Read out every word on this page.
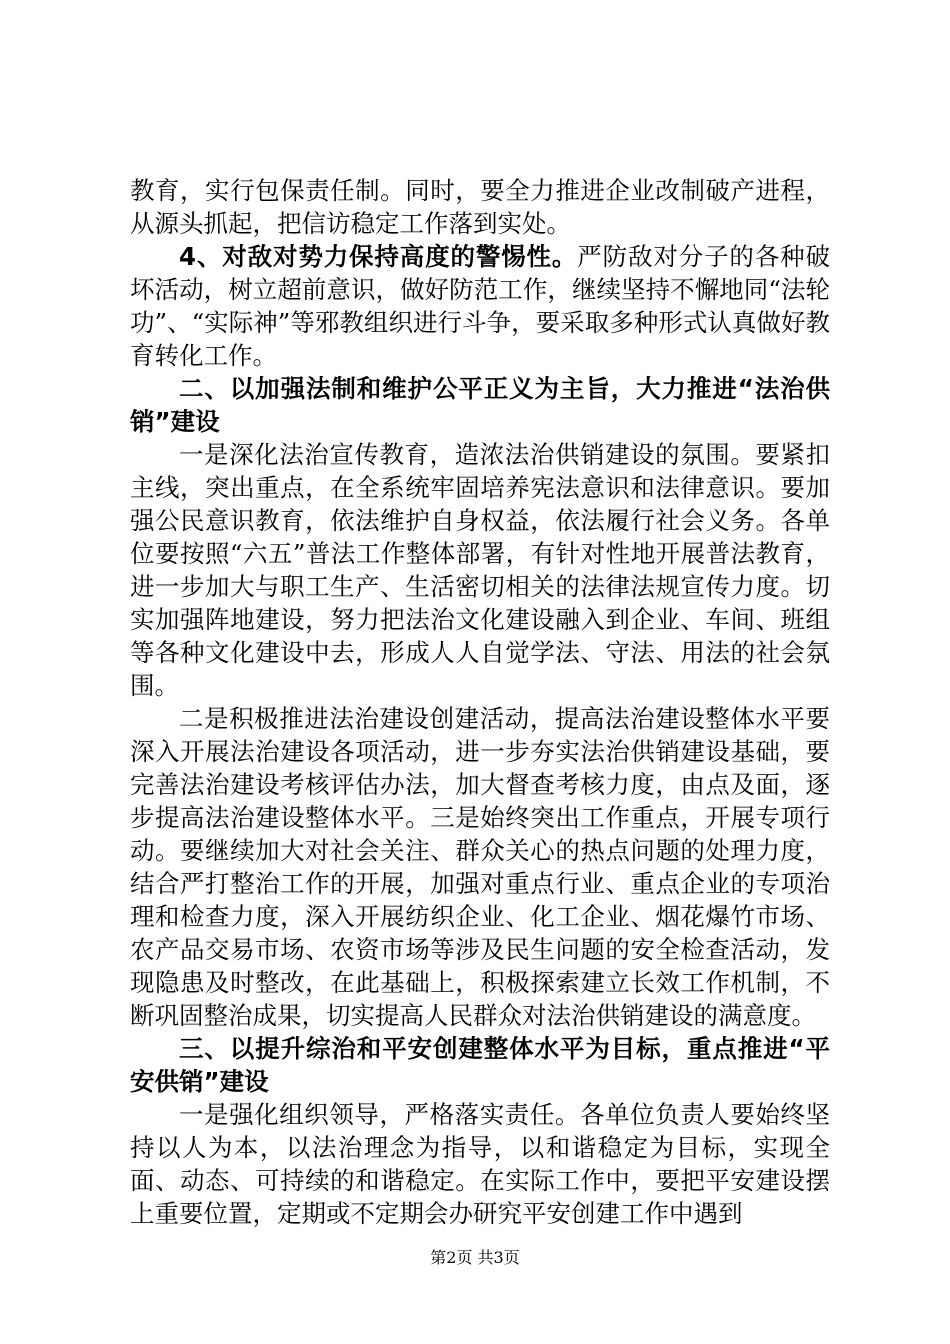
教育，实行包保责任制。同时，要全力推进企业改制破产进程，从源头抓起，把信访稳定工作落到实处。

4、对敌对势力保持高度的警惕性。严防敌对分子的各种破坏活动，树立超前意识，做好防范工作，继续坚持不懈地同“法轮功”、“实际神”等邪教组织进行斗争，要采取多种形式认真做好教育转化工作。

二、以加强法制和维护公平正义为主旨，大力推进“法治供销”建设

一是深化法治宣传教育，造浓法治供销建设的氛围。要紧扣主线，突出重点，在全系统牢固培养宪法意识和法律意识。要加强公民意识教育，依法维护自身权益，依法履行社会义务。各单位要按照“六五”普法工作整体部署，有针对性地开展普法教育，进一步加大与职工生产、生活密切相关的法律法规宣传力度。切实加强阵地建设，努力把法治文化建设融入到企业、车间、班组等各种文化建设中去，形成人人自觉学法、守法、用法的社会氛围。

二是积极推进法治建设创建活动，提高法治建设整体水平要深入开展法治建设各项活动，进一步夯实法治供销建设基础，要完善法治建设考核评估办法，加大督查考核力度，由点及面，逐步提高法治建设整体水平。三是始终突出工作重点，开展专项行动。要继续加大对社会关注、群众关心的热点问题的处理力度，结合严打整治工作的开展，加强对重点行业、重点企业的专项治理和检查力度，深入开展纺织企业、化工企业、烟花爆竹市场、农产品交易市场、农资市场等涉及民生问题的安全检查活动，发现隐患及时整改，在此基础上，积极探索建立长效工作机制，不断巩固整治成果，切实提高人民群众对法治供销建设的满意度。

三、以提升综治和平安创建整体水平为目标，重点推进“平安供销”建设

一是强化组织领导，严格落实责任。各单位负责人要始终坚持以人为本，以法治理念为指导，以和谐稳定为目标，实现全面、动态、可持续的和谐稳定。在实际工作中，要把平安建设摆上重要位置，定期或不定期会办研究平安创建工作中遇到

第2页 共3页
